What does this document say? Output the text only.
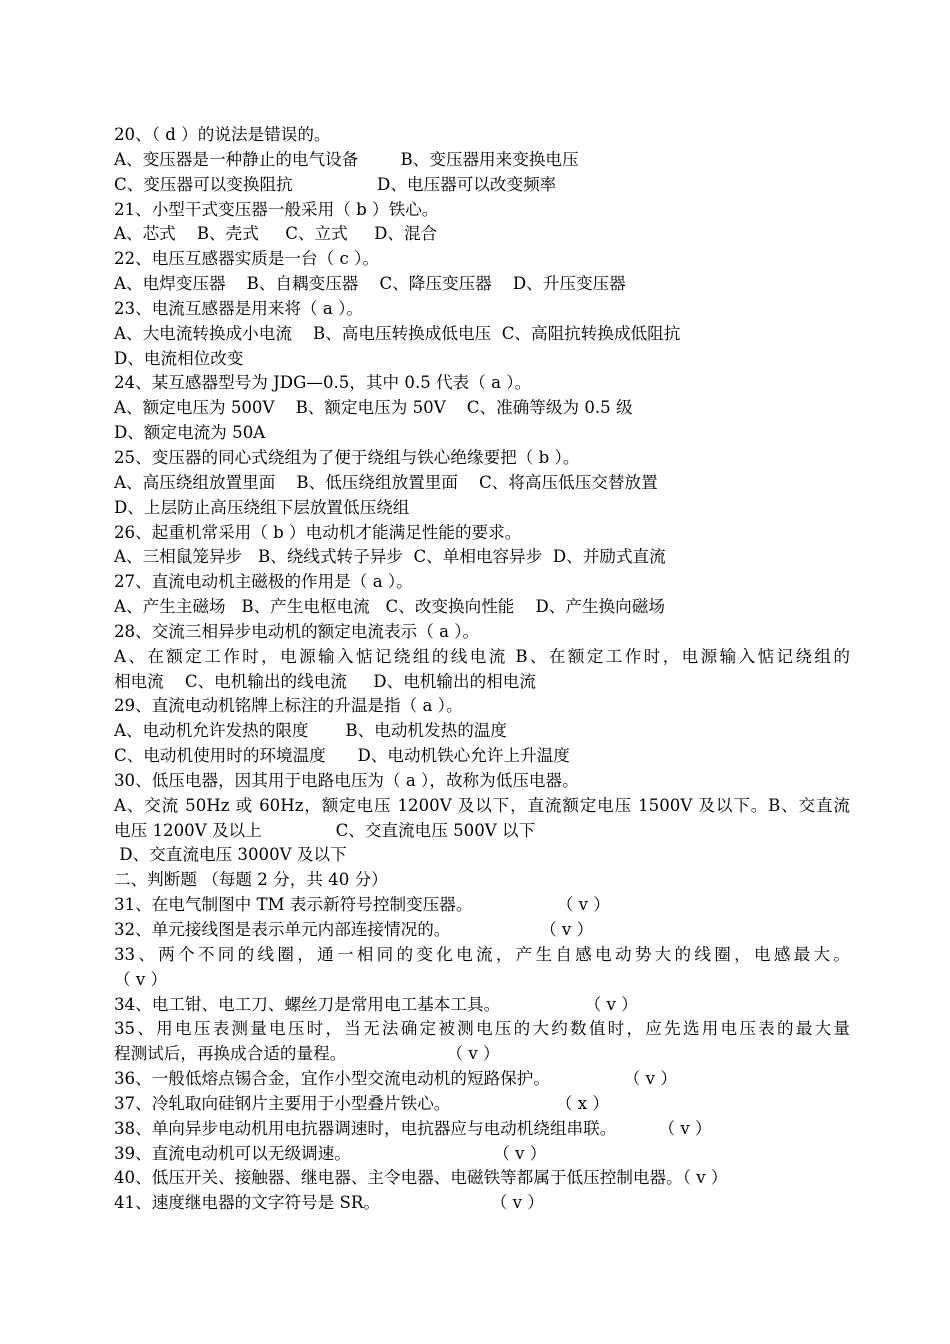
20、（ d ）的说法是错误的。
A、变压器是一种静止的电气设备        B、变压器用来变换电压
C、变压器可以变换阻抗                D、电压器可以改变频率
21、小型干式变压器一般采用（ b ）铁心。
A、芯式    B、壳式     C、立式     D、混合
22、电压互感器实质是一台（ c ）。
A、电焊变压器    B、自耦变压器    C、降压变压器    D、升压变压器
23、电流互感器是用来将（ a ）。
A、大电流转换成小电流    B、高电压转换成低电压  C、高阻抗转换成低阻抗
D、电流相位改变
24、某互感器型号为 JDG—0.5，其中 0.5 代表（ a ）。
A、额定电压为 500V    B、额定电压为 50V    C、准确等级为 0.5 级
D、额定电流为 50A
25、变压器的同心式绕组为了便于绕组与铁心绝缘要把（ b ）。
A、高压绕组放置里面    B、低压绕组放置里面    C、将高压低压交替放置
D、上层防止高压绕组下层放置低压绕组
26、起重机常采用（ b ）电动机才能满足性能的要求。
A、三相鼠笼异步   B、绕线式转子异步  C、单相电容异步  D、并励式直流
27、直流电动机主磁极的作用是（ a ）。
A、产生主磁场   B、产生电枢电流   C、改变换向性能    D、产生换向磁场
28、交流三相异步电动机的额定电流表示（ a ）。
A、在额定工作时，电源输入惦记绕组的线电流 B、在额定工作时，电源输入惦记绕组的
相电流    C、电机输出的线电流     D、电机输出的相电流
29、直流电动机铭牌上标注的升温是指（ a ）。
A、电动机允许发热的限度       B、电动机发热的温度
C、电动机使用时的环境温度      D、电动机铁心允许上升温度
30、低压电器，因其用于电路电压为（ a ），故称为低压电器。
A、交流 50Hz 或 60Hz，额定电压 1200V 及以下，直流额定电压 1500V 及以下。B、交直流
电压 1200V 及以上              C、交直流电压 500V 以下
D、交直流电压 3000V 及以下
二、判断题 （每题 2 分，共 40 分）
31、在电气制图中 TM 表示新符号控制变压器。                （ v ）
32、单元接线图是表示单元内部连接情况的。                 （ v ）
33、两个不同的线圈，通一相同的变化电流，产生自感电动势大的线圈，电感最大。
（ v ）
34、电工钳、电工刀、螺丝刀是常用电工基本工具。                （ v ）
35、用电压表测量电压时，当无法确定被测电压的大约数值时，应先选用电压表的最大量
程测试后，再换成合适的量程。                   （ v ）
36、一般低熔点锡合金，宜作小型交流电动机的短路保护。              （ v ）
37、冷轧取向硅钢片主要用于小型叠片铁心。                    （ x ）
38、单向异步电动机用电抗器调速时，电抗器应与电动机绕组串联。        （ v ）
39、直流电动机可以无级调速。                           （ v ）
40、低压开关、接触器、继电器、主令电器、电磁铁等都属于低压控制电器。（ v ）
41、速度继电器的文字符号是 SR。                     （ v ）
